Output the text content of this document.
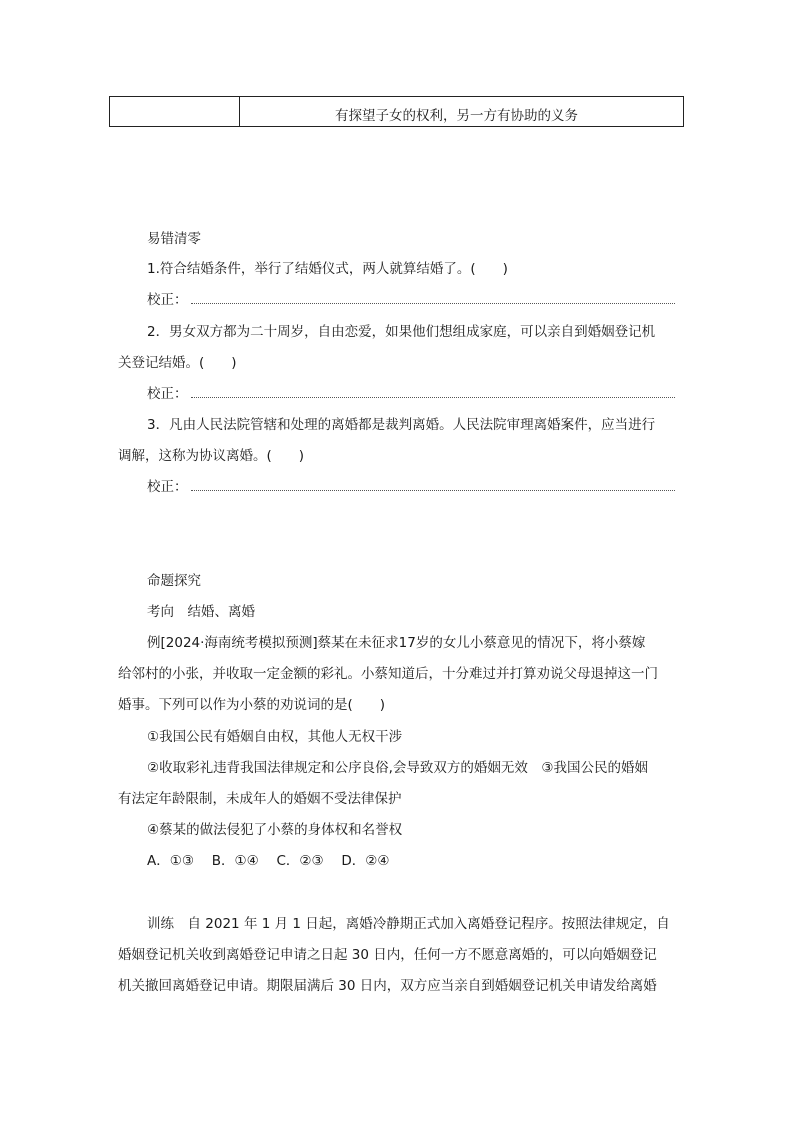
有探望子女的权利，另一方有协助的义务
易错清零
1.符合结婚条件，举行了结婚仪式，两人就算结婚了。(　　)
校正：
2．男女双方都为二十周岁，自由恋爱，如果他们想组成家庭，可以亲自到婚姻登记机
关登记结婚。(　　)
校正：
3．凡由人民法院管辖和处理的离婚都是裁判离婚。人民法院审理离婚案件，应当进行
调解，这称为协议离婚。(　　)
校正：
命题探究
考向　结婚、离婚
例[2024·海南统考模拟预测]蔡某在未征求17岁的女儿小蔡意见的情况下，将小蔡嫁
给邻村的小张，并收取一定金额的彩礼。小蔡知道后，十分难过并打算劝说父母退掉这一门
婚事。下列可以作为小蔡的劝说词的是(　　)
①我国公民有婚姻自由权，其他人无权干涉
②收取彩礼违背我国法律规定和公序良俗,会导致双方的婚姻无效　③我国公民的婚姻
有法定年龄限制，未成年人的婚姻不受法律保护
④蔡某的做法侵犯了小蔡的身体权和名誉权
A．①③　 B．①④　 C．②③　 D．②④
训练　自 2021 年 1 月 1 日起，离婚冷静期正式加入离婚登记程序。按照法律规定，自
婚姻登记机关收到离婚登记申请之日起 30 日内，任何一方不愿意离婚的，可以向婚姻登记
机关撤回离婚登记申请。期限届满后 30 日内，双方应当亲自到婚姻登记机关申请发给离婚
